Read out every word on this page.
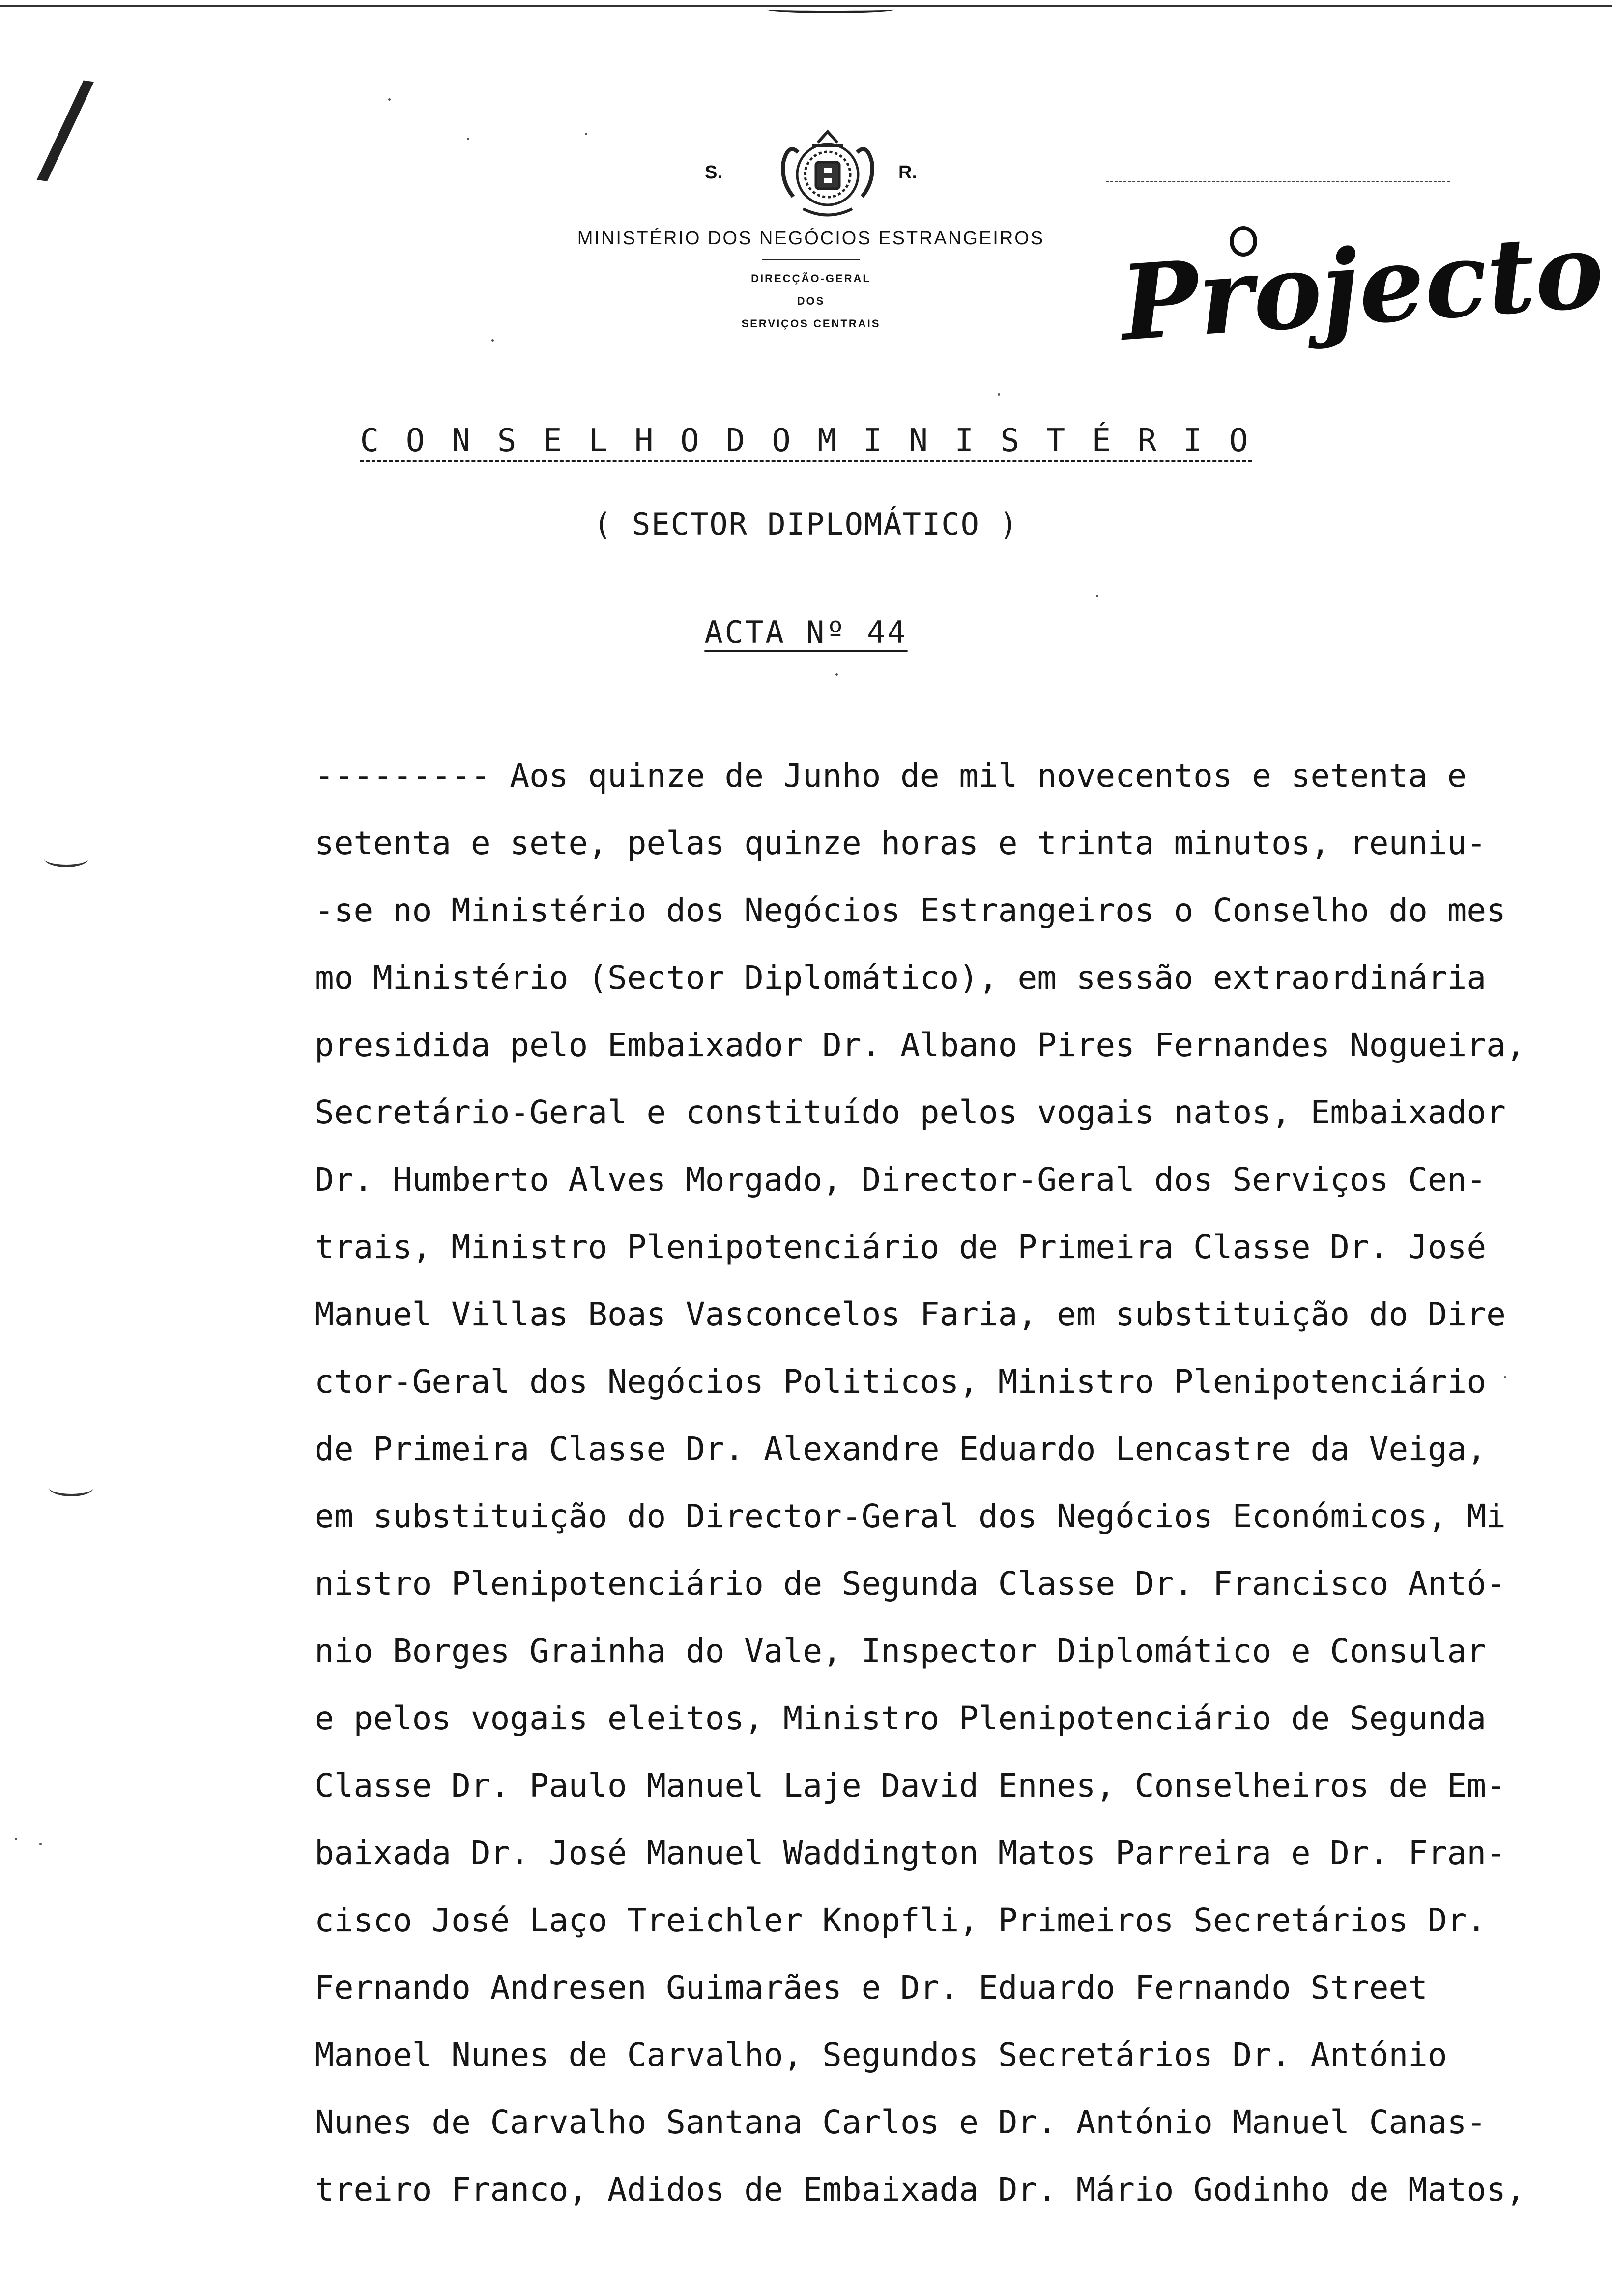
/	S.	R.
MINISTÉRIO DOS NEGÓCIOS ESTRANGEIROS
DIRECÇÃO-GERAL
DOS
SERVIÇOS CENTRAIS	Projecto
C O N S E L H O D O M I N I S T É R I O
( SECTOR DIPLOMÁTICO )
ACTA Nº 44
--------- Aos quinze de Junho de mil novecentos e setenta e
setenta e sete, pelas quinze horas e trinta minutos, reuniu-
-se no Ministério dos Negócios Estrangeiros o Conselho do mes
mo Ministério (Sector Diplomático), em sessão extraordinária
presidida pelo Embaixador Dr. Albano Pires Fernandes Nogueira,
Secretário-Geral e constituído pelos vogais natos, Embaixador
Dr. Humberto Alves Morgado, Director-Geral dos Serviços Cen-
trais, Ministro Plenipotenciário de Primeira Classe Dr. José
Manuel Villas Boas Vasconcelos Faria, em substituição do Dire
ctor-Geral dos Negócios Politicos, Ministro Plenipotenciário
de Primeira Classe Dr. Alexandre Eduardo Lencastre da Veiga,
em substituição do Director-Geral dos Negócios Económicos, Mi
nistro Plenipotenciário de Segunda Classe Dr. Francisco Antó-
nio Borges Grainha do Vale, Inspector Diplomático e Consular
e pelos vogais eleitos, Ministro Plenipotenciário de Segunda
Classe Dr. Paulo Manuel Laje David Ennes, Conselheiros de Em-
baixada Dr. José Manuel Waddington Matos Parreira e Dr. Fran-
cisco José Laço Treichler Knopfli, Primeiros Secretários Dr.
Fernando Andresen Guimarães e Dr. Eduardo Fernando Street
Manoel Nunes de Carvalho, Segundos Secretários Dr. António
Nunes de Carvalho Santana Carlos e Dr. António Manuel Canas-
treiro Franco, Adidos de Embaixada Dr. Mário Godinho de Matos,
